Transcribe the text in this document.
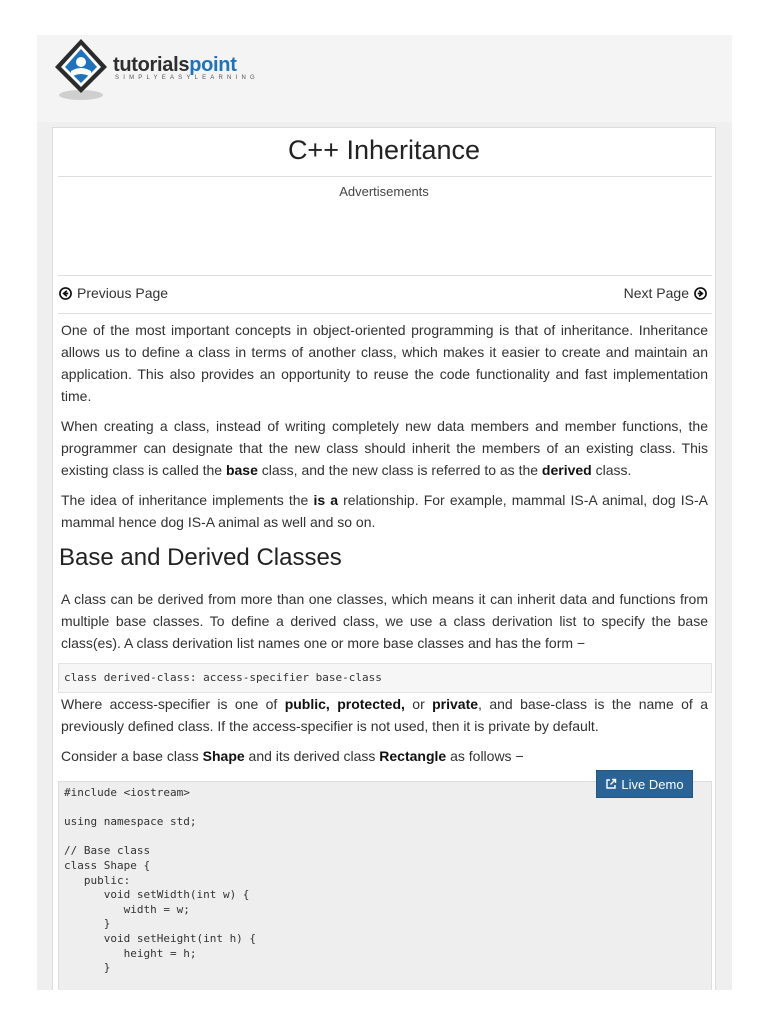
tutorialspoint
SIMPLYEASYLEARNING
C++ Inheritance
Advertisements
Previous Page	Next Page

One of the most important concepts in object-oriented programming is that of inheritance. Inheritance allows us to define a class in terms of another class, which makes it easier to create and maintain an application. This also provides an opportunity to reuse the code functionality and fast implementation time.

When creating a class, instead of writing completely new data members and member functions, the programmer can designate that the new class should inherit the members of an existing class. This existing class is called the base class, and the new class is referred to as the derived class.

The idea of inheritance implements the is a relationship. For example, mammal IS-A animal, dog IS-A mammal hence dog IS-A animal as well and so on.

Base and Derived Classes

A class can be derived from more than one classes, which means it can inherit data and functions from multiple base classes. To define a derived class, we use a class derivation list to specify the base class(es). A class derivation list names one or more base classes and has the form −

class derived-class: access-specifier base-class

Where access-specifier is one of public, protected, or private, and base-class is the name of a previously defined class. If the access-specifier is not used, then it is private by default.

Consider a base class Shape and its derived class Rectangle as follows −

#include <iostream>
using namespace std;
// Base class
class Shape {
public:
void setWidth(int w) {
width = w;
}
void setHeight(int h) {
height = h;
}
Live Demo
